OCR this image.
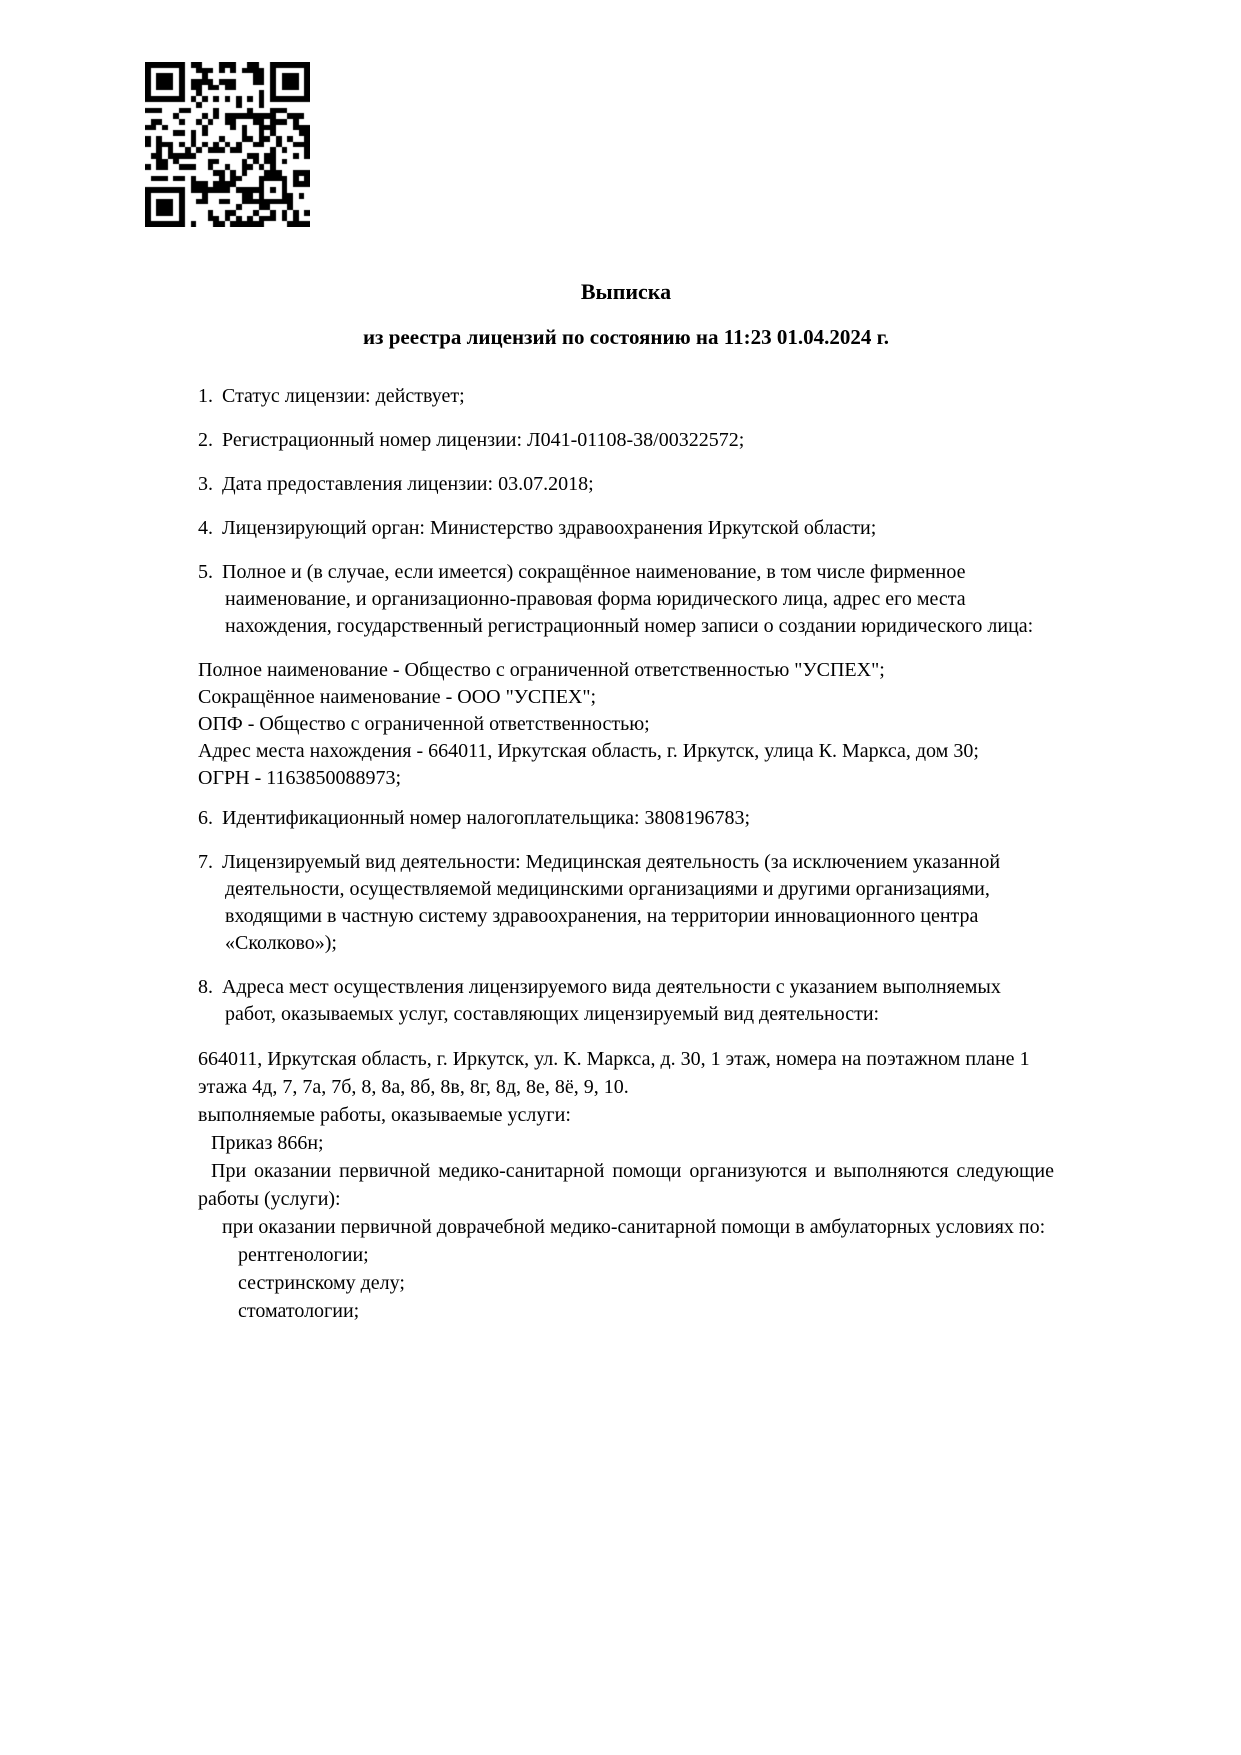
Выписка
из реестра лицензий по состоянию на 11:23 01.04.2024 г.

1. Статус лицензии: действует;

2. Регистрационный номер лицензии: Л041-01108-38/00322572;

3. Дата предоставления лицензии: 03.07.2018;

4. Лицензирующий орган: Министерство здравоохранения Иркутской области;

5. Полное и (в случае, если имеется) сокращённое наименование, в том числе фирменное наименование, и организационно-правовая форма юридического лица, адрес его места нахождения, государственный регистрационный номер записи о создании юридического лица:

Полное наименование - Общество с ограниченной ответственностью "УСПЕХ";

Сокращённое наименование - ООО "УСПЕХ";

ОПФ - Общество с ограниченной ответственностью;

Адрес места нахождения - 664011, Иркутская область, г. Иркутск, улица К. Маркса, дом 30;

ОГРН - 1163850088973;

6. Идентификационный номер налогоплательщика: 3808196783;

7. Лицензируемый вид деятельности: Медицинская деятельность (за исключением указанной деятельности, осуществляемой медицинскими организациями и другими организациями, входящими в частную систему здравоохранения, на территории инновационного центра «Сколково»);

8. Адреса мест осуществления лицензируемого вида деятельности с указанием выполняемых работ, оказываемых услуг, составляющих лицензируемый вид деятельности:

664011, Иркутская область, г. Иркутск, ул. К. Маркса, д. 30, 1 этаж, номера на поэтажном плане 1 этажа 4д, 7, 7а, 7б, 8, 8а, 8б, 8в, 8г, 8д, 8е, 8ё, 9, 10.

выполняемые работы, оказываемые услуги:

Приказ 866н;

При оказании первичной медико-санитарной помощи организуются и выполняются следующие работы (услуги):

при оказании первичной доврачебной медико-санитарной помощи в амбулаторных условиях по:

рентгенологии;

сестринскому делу;

стоматологии;
